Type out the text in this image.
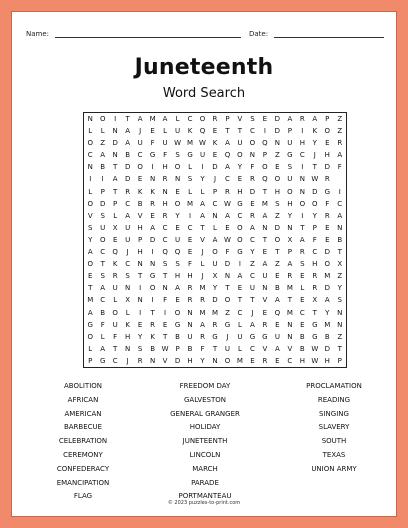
Name:	Date:
Juneteenth
Word Search
N	O	I	T	A	M	A	L	C	O	R	P	V	S	E	D	A	R	A	P	Z
L	L	N	A	J	E	L	U	K	Q	E	T	T	C	I	D	P	I	K	O	Z
O	Z	D	A	U	F	U W M W K	A	U	O Q	N	U	H	Y	E	R
C	A	N	B	C	G	F	S	G	U	E	Q O	N	P	Z	G	C	J	H	A
N	B	T	D	O	I	H	O	L	I	D	A	Y	F	O	E	S	I	T	D	F
I	I	A	D	E	N	R	N	S	Y	J	C	E	R	Q O	U	N W R
L	P	T	R	K	K	N	E	L	L	P	R	H	D	T	H	O	N	D	G	I
O	D	P	C	B	R	H	O M	A	C W G	E	M	S	H	O O	F	C
V	S	L	A	V	E	R	Y	I	A	N	A	C	R	A	Z	Y	I	Y	R	A
S	U	X	U	H	A	C	E	C	T	L	E	O	A	N	D	N	T	P	E	N
Y	O	E	U	P	D	C	U	E	V	A W O	C	T	O	X	A	F	E	B
A	C	Q	J	H	I	Q Q	E	J	O	F	G	Y	E	T	P	R	C	D	T
O	T	K	C	N	N	S	S	F	L	U	D	I	Z	A	Z	A	S	H	O	X
E	S	R	S	T	G	T	H	H	J	X	N	A	C	U	E	R	E	R	M	Z
T	A	U	N	I	O	N	A	R	M	Y	T	E	U	N	B	M	L	R	D	Y
M	C	L	X	N	I	F	E	R	R	D	O	T	T	V	A	T	E	X	A	S
A	B	O	L	I	T	I	O	N M M	Z	C	J	E	Q M	C	T	Y	N
G	F	U	K	E	R	E	G	N	A	R	G	L	A	R	E	N	E	G M N
O	L	F	H	Y	K	T	B	U	R	G	J	U	G	G	U	N	B	G	B	Z
L	A	T	N	S	B W P	B	F	T	U	L	C	V	A	V	B W D	T
P	G	C	J	R	N	V	D	H	Y	N	O M	E	R	E	C	H W H	P
ABOLITION
AFRICAN
AMERICAN
BARBECUE
CELEBRATION
CEREMONY
CONFEDERACY
EMANCIPATION
FLAG
FREEDOM DAY
GALVESTON
GENERAL GRANGER
HOLIDAY
JUNETEENTH
LINCOLN
MARCH
PARADE
PORTMANTEAU
PROCLAMATION
READING
SINGING
SLAVERY
SOUTH
TEXAS
UNION ARMY
© 2023 puzzles-to-print.com
